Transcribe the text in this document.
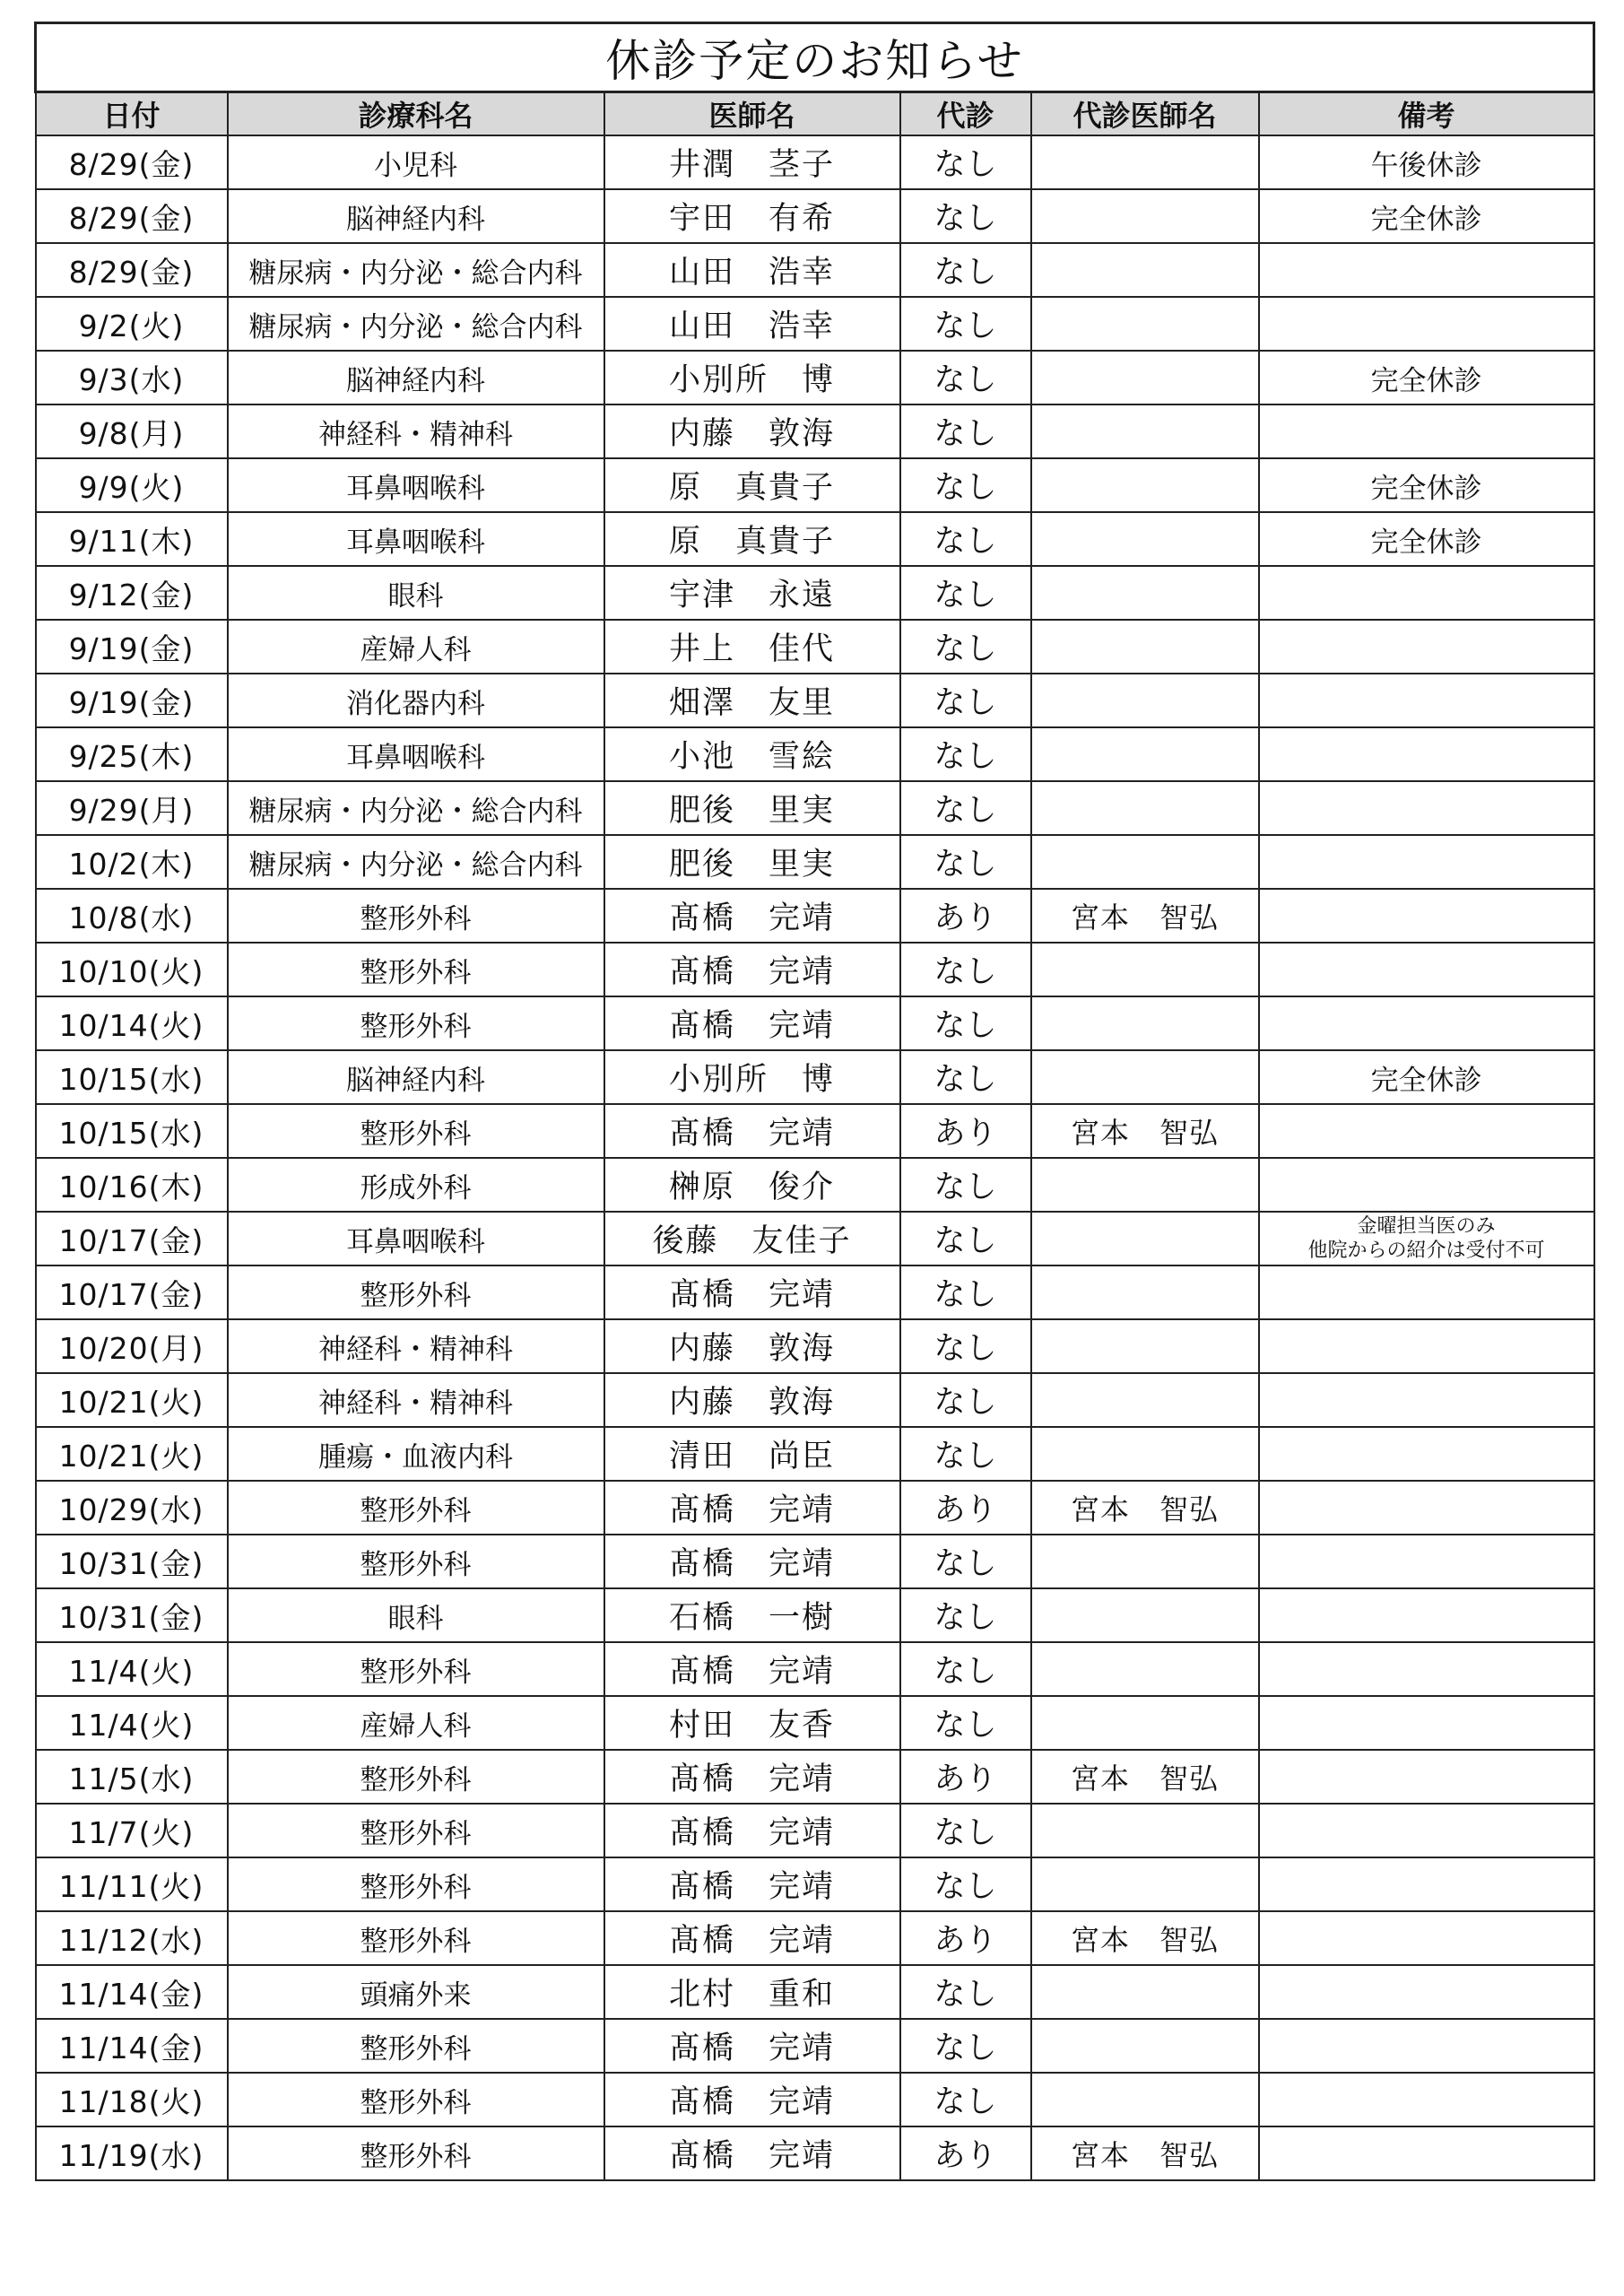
休診予定のお知らせ					
日付	診療科名	医師名	代診	代診医師名	備考
8/29(金)	小児科	井潤　茎子	なし		午後休診
8/29(金)	脳神経内科	宇田　有希	なし		完全休診
8/29(金)	糖尿病・内分泌・総合内科	山田　浩幸	なし		
9/2(火)	糖尿病・内分泌・総合内科	山田　浩幸	なし		
9/3(水)	脳神経内科	小別所　博	なし		完全休診
9/8(月)	神経科・精神科	内藤　敦海	なし		
9/9(火)	耳鼻咽喉科	原　真貴子	なし		完全休診
9/11(木)	耳鼻咽喉科	原　真貴子	なし		完全休診
9/12(金)	眼科	宇津　永遠	なし		
9/19(金)	産婦人科	井上　佳代	なし		
9/19(金)	消化器内科	畑澤　友里	なし		
9/25(木)	耳鼻咽喉科	小池　雪絵	なし		
9/29(月)	糖尿病・内分泌・総合内科	肥後　里実	なし		
10/2(木)	糖尿病・内分泌・総合内科	肥後　里実	なし		
10/8(水)	整形外科	髙橋　完靖	あり	宮本　智弘	
10/10(火)	整形外科	髙橋　完靖	なし		
10/14(火)	整形外科	髙橋　完靖	なし		
10/15(水)	脳神経内科	小別所　博	なし		完全休診
10/15(水)	整形外科	髙橋　完靖	あり	宮本　智弘	
10/16(木)	形成外科	榊原　俊介	なし		
10/17(金)	耳鼻咽喉科	後藤　友佳子	なし		金曜担当医のみ
他院からの紹介は受付不可

10/17(金)	整形外科	髙橋　完靖	なし		
10/20(月)	神経科・精神科	内藤　敦海	なし		
10/21(火)	神経科・精神科	内藤　敦海	なし		
10/21(火)	腫瘍・血液内科	清田　尚臣	なし		
10/29(水)	整形外科	髙橋　完靖	あり	宮本　智弘	
10/31(金)	整形外科	髙橋　完靖	なし		
10/31(金)	眼科	石橋　一樹	なし		
11/4(火)	整形外科	髙橋　完靖	なし		
11/4(火)	産婦人科	村田　友香	なし		
11/5(水)	整形外科	髙橋　完靖	あり	宮本　智弘	
11/7(火)	整形外科	髙橋　完靖	なし		
11/11(火)	整形外科	髙橋　完靖	なし		
11/12(水)	整形外科	髙橋　完靖	あり	宮本　智弘	
11/14(金)	頭痛外来	北村　重和	なし		
11/14(金)	整形外科	髙橋　完靖	なし		
11/18(火)	整形外科	髙橋　完靖	なし		
11/19(水)	整形外科	髙橋　完靖	あり	宮本　智弘	
